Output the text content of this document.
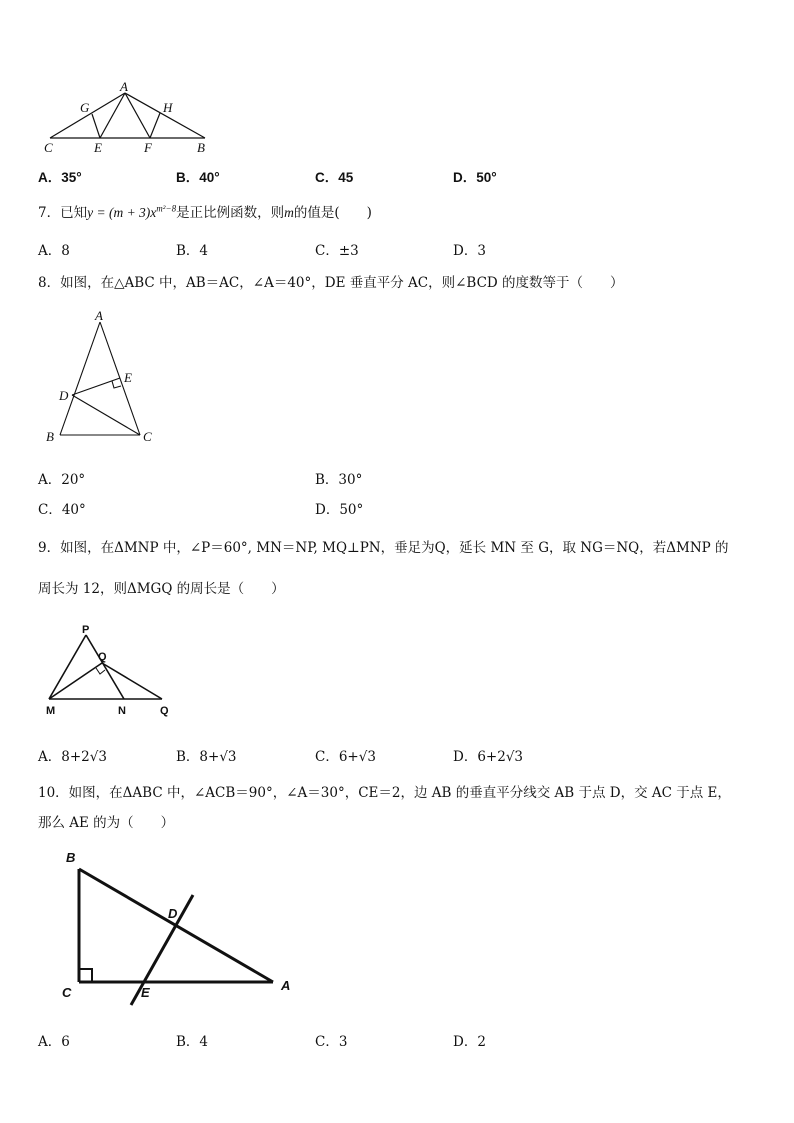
A
G	H
C	E	F	B
A．35°	B．40°	C．45	D．50°
7．已知$y = (m + 3)x^{m^2-8}$是正比例函数，则m的值是(　　)
A．8	B．4	C．±3	D．3
8．如图，在△ABC 中，AB＝AC，∠A＝40°，DE 垂直平分 AC，则∠BCD 的度数等于（　　）
A
E
D
B	C
A．20°	B．30°
C．40°	D．50°
9．如图，在ΔMNP 中，∠P＝60°, MN＝NP, MQ⊥PN，垂足为Q，延长 MN 至 G，取 NG＝NQ，若ΔMNP 的
周长为 12，则ΔMGQ 的周长是（　　）
P
Q
M	N	Q
A．8+2√3	B．8+√3	C．6+√3	D．6+2√3
10．如图，在ΔABC 中，∠ACB＝90°，∠A＝30°，CE＝2，边 AB 的垂直平分线交 AB 于点 D，交 AC 于点 E，
那么 AE 的为（　　）
B
D
C	E	A
A．6	B．4	C．3	D．2
